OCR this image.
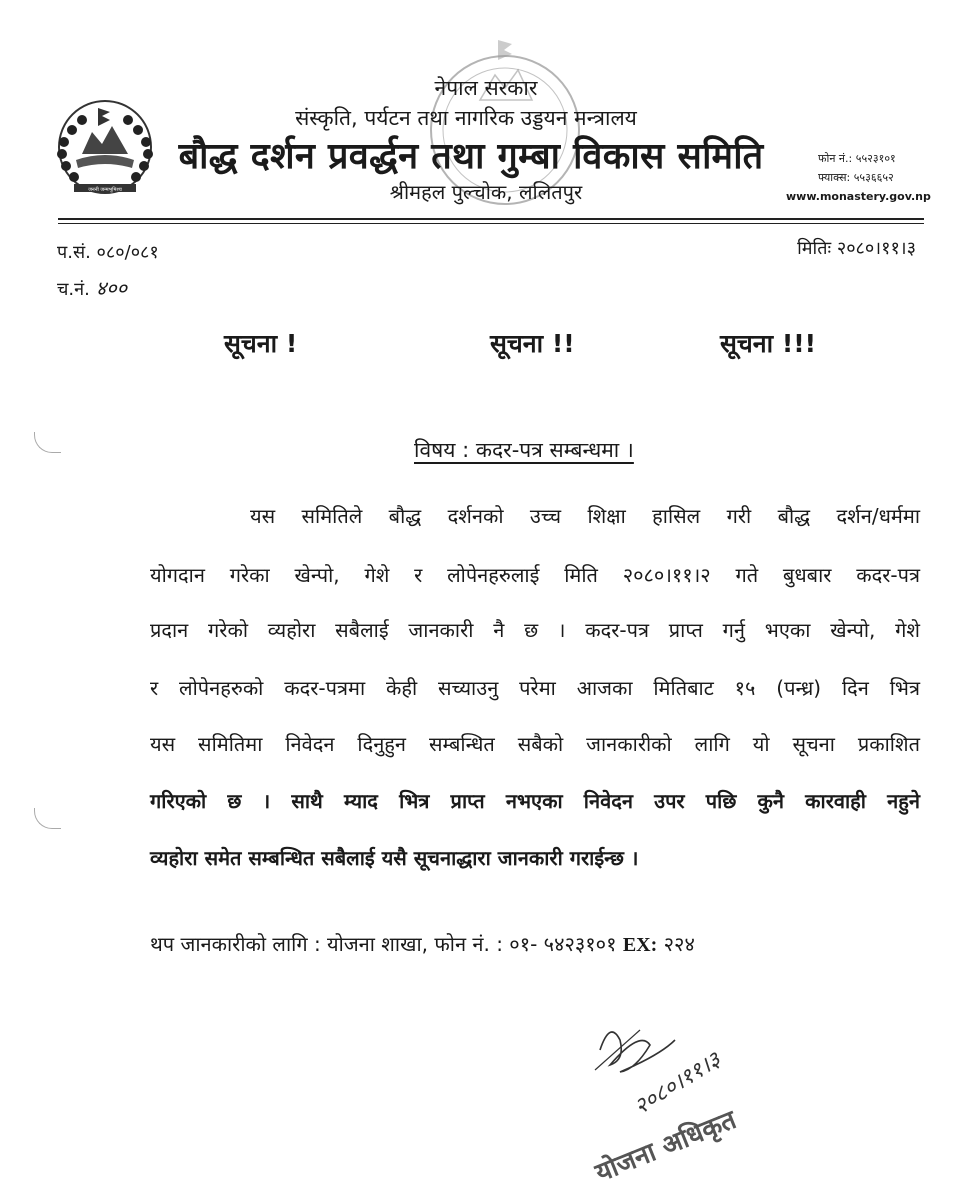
जननी जन्मभूमिश्च
नेपाल सरकार
संस्कृति, पर्यटन तथा नागरिक उड्डयन मन्त्रालय
बौद्ध दर्शन प्रवर्द्धन तथा गुम्बा विकास समिति
श्रीमहल पुल्चोक, ललितपुर
फोन नं.: ५५२३१०१
फ्याक्स: ५५३६६५२
www.monastery.gov.np
प.सं. ०८०/०८१
च.नं. ४००
मितिः २०८०।११।३
सूचना !	सूचना !!	सूचना !!!
विषय : कदर-पत्र सम्बन्धमा ।
यस समितिले बौद्ध दर्शनको उच्च शिक्षा हासिल गरी बौद्ध दर्शन/धर्ममा
योगदान गरेका खेन्पो, गेशे र लोपेनहरुलाई मिति २०८०।११।२ गते बुधबार कदर-पत्र
प्रदान गरेको व्यहोरा सबैलाई जानकारी नै छ । कदर-पत्र प्राप्त गर्नु भएका खेन्पो, गेशे
र लोपेनहरुको कदर-पत्रमा केही सच्याउनु परेमा आजका मितिबाट १५ (पन्ध्र) दिन भित्र
यस समितिमा निवेदन दिनुहुन सम्बन्धित सबैको जानकारीको लागि यो सूचना प्रकाशित
गरिएको छ । साथै म्याद भित्र प्राप्त नभएका निवेदन उपर पछि कुनै कारवाही नहुने
व्यहोरा समेत सम्बन्धित सबैलाई यसै सूचनाद्धारा जानकारी गराईन्छ ।
थप जानकारीको लागि : योजना शाखा, फोन नं. : ०१- ५४२३१०१ EX: २२४
२०८०।११।३
योजना अधिकृत
